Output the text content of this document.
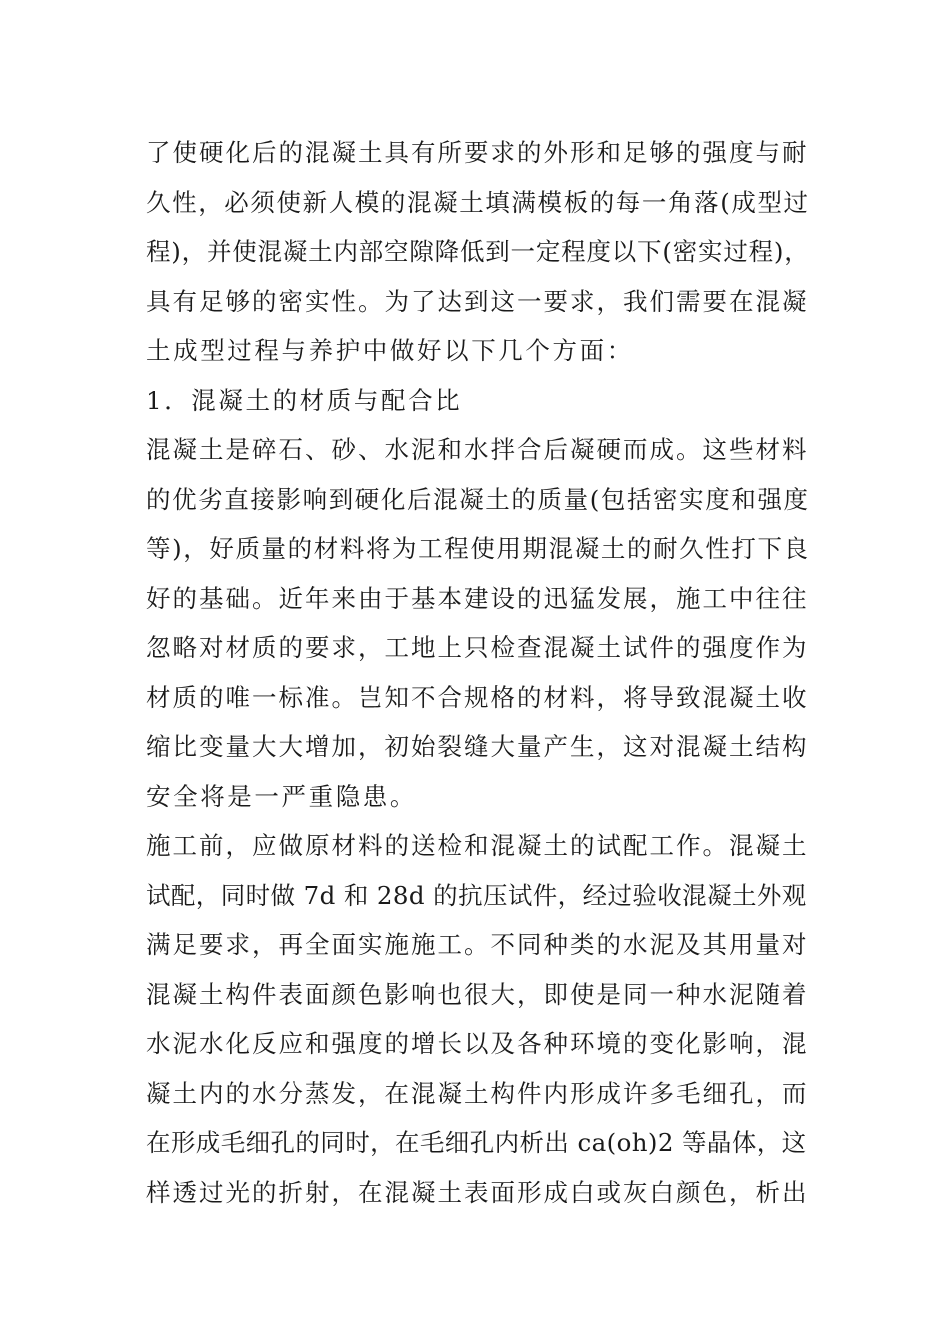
了使硬化后的混凝土具有所要求的外形和足够的强度与耐
久性，必须使新人模的混凝土填满模板的每一角落(成型过
程)，并使混凝土内部空隙降低到一定程度以下(密实过程)，
具有足够的密实性。为了达到这一要求，我们需要在混凝
土成型过程与养护中做好以下几个方面：
1．混凝土的材质与配合比
混凝土是碎石、砂、水泥和水拌合后凝硬而成。这些材料
的优劣直接影响到硬化后混凝土的质量(包括密实度和强度
等)，好质量的材料将为工程使用期混凝土的耐久性打下良
好的基础。近年来由于基本建设的迅猛发展，施工中往往
忽略对材质的要求，工地上只检查混凝土试件的强度作为
材质的唯一标准。岂知不合规格的材料，将导致混凝土收
缩比变量大大增加，初始裂缝大量产生，这对混凝土结构
安全将是一严重隐患。
施工前，应做原材料的送检和混凝土的试配工作。混凝土
试配，同时做 7d 和 28d 的抗压试件，经过验收混凝土外观
满足要求，再全面实施施工。不同种类的水泥及其用量对
混凝土构件表面颜色影响也很大，即使是同一种水泥随着
水泥水化反应和强度的增长以及各种环境的变化影响，混
凝土内的水分蒸发，在混凝土构件内形成许多毛细孔，而
在形成毛细孔的同时，在毛细孔内析出 ca(oh)2 等晶体，这
样透过光的折射，在混凝土表面形成白或灰白颜色，析出
